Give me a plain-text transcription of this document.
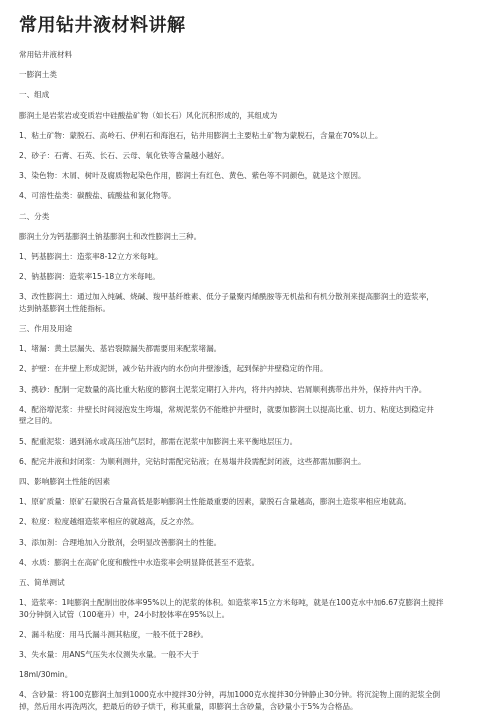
常用钻井液材料讲解

常用钻井液材料

一膨润土类

一、组成

膨润土是岩浆岩或变质岩中硅酸盐矿物（如长石）风化沉积形成的，其组成为

1、粘土矿物：蒙脱石、高岭石、伊利石和海泡石，钻井用膨润土主要粘土矿物为蒙脱石，含量在70%以上。

2、砂子：石膏、石英、长石、云母、氧化铁等含量越小越好。

3、染色物：木屑、树叶及腐质物起染色作用，膨润土有红色、黄色、紫色等不同颜色，就是这个原因。

4、可溶性盐类：碳酸盐、硫酸盐和氯化物等。

二、分类

膨润土分为钙基膨润土钠基膨润土和改性膨润土三种。

1、钙基膨润土：造浆率8-12立方米每吨。

2、钠基膨润：造浆率15-18立方米每吨。

3、改性膨润土：通过加入纯碱、烧碱、羧甲基纤维素、低分子量聚丙烯酰胺等无机盐和有机分散剂来提高膨润土的造浆率，

达到钠基膨润土性能指标。

三、作用及用途

1、堵漏：黄土层漏失、基岩裂隙漏失都需要用来配浆堵漏。

2、护壁：在井壁上形成泥饼，减少钻井液内的水份向井壁渗透，起到保护井壁稳定的作用。

3、携砂：配制一定数量的高比重大粘度的膨润土泥浆定期打入井内，将井内掉块、岩屑顺利携带出井外，保持井内干净。

4、配浴增泥浆：井壁长时间浸泡发生垮塌，常规泥浆仍不能维护井壁时，就要加膨润土以提高比重、切力、粘度达到稳定井

壁之目的。

5、配重泥浆：遇到涌水或高压油气层时，都需在泥浆中加膨润土来平衡地层压力。

6、配完井液和封闭浆：为顺利测井，完钻时需配完钻液；在易塌井段需配封闭液，这些都需加膨润土。

四、影响膨润土性能的因素

1、原矿质量：原矿石蒙脱石含量高低是影响膨润土性能最重要的因素，蒙脱石含量越高，膨润土造浆率相应地就高。

2、粒度：粒度越细造浆率相应的就越高，反之亦然。

3、添加剂：合理地加入分散剂，会明显改善膨润土的性能。

4、水质：膨润土在高矿化度和酸性中水造浆率会明显降低甚至不造浆。

五、简单测试

1、造浆率：1吨膨润土配制出胶体率95%以上的泥浆的体积。如造浆率15立方米每吨，就是在100克水中加6.67克膨润土搅拌

30分钟倒入试管（100毫升）中，24小时胶体率在95%以上。

2、漏斗粘度：用马氏漏斗测其粘度，一般不低于28秒。

3、失水量：用ANS气压失水仪测失水量。一般不大于

18ml/30min。

4、含砂量：将100克膨润土加到1000克水中搅拌30分钟，再加1000克水搅拌30分钟静止30分钟。将沉淀物上面的泥浆全倒

掉，然后用水再洗两次，把最后的砂子烘干，称其重量，即膨润土含砂量，含砂量小于5%为合格品。
